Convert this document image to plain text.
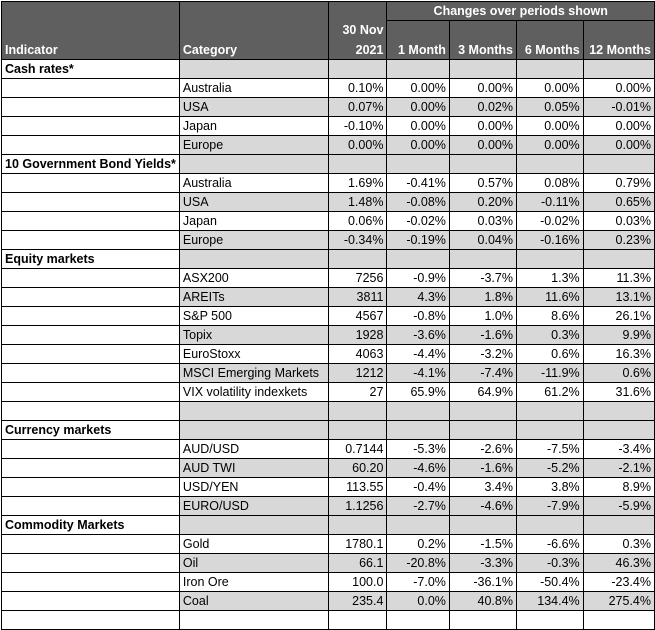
			Changes over periods shown			
		30 Nov				
Indicator	Category	2021	1 Month	3 Months	6 Months	12 Months
Cash rates*						
	Australia	0.10%	0.00%	0.00%	0.00%	0.00%
	USA	0.07%	0.00%	0.02%	0.05%	-0.01%
	Japan	-0.10%	0.00%	0.00%	0.00%	0.00%
	Europe	0.00%	0.00%	0.00%	0.00%	0.00%
10 Government Bond Yields*						
	Australia	1.69%	-0.41%	0.57%	0.08%	0.79%
	USA	1.48%	-0.08%	0.20%	-0.11%	0.65%
	Japan	0.06%	-0.02%	0.03%	-0.02%	0.03%
	Europe	-0.34%	-0.19%	0.04%	-0.16%	0.23%
Equity markets						
	ASX200	7256	-0.9%	-3.7%	1.3%	11.3%
	AREITs	3811	4.3%	1.8%	11.6%	13.1%
	S&P 500	4567	-0.8%	1.0%	8.6%	26.1%
	Topix	1928	-3.6%	-1.6%	0.3%	9.9%
	EuroStoxx	4063	-4.4%	-3.2%	0.6%	16.3%
	MSCI Emerging Markets	1212	-4.1%	-7.4%	-11.9%	0.6%
	VIX volatility indexkets	27	65.9%	64.9%	61.2%	31.6%

Currency markets						
	AUD/USD	0.7144	-5.3%	-2.6%	-7.5%	-3.4%
	AUD TWI	60.20	-4.6%	-1.6%	-5.2%	-2.1%
	USD/YEN	113.55	-0.4%	3.4%	3.8%	8.9%
	EURO/USD	1.1256	-2.7%	-4.6%	-7.9%	-5.9%
Commodity Markets						
	Gold	1780.1	0.2%	-1.5%	-6.6%	0.3%
	Oil	66.1	-20.8%	-3.3%	-0.3%	46.3%
	Iron Ore	100.0	-7.0%	-36.1%	-50.4%	-23.4%
	Coal	235.4	0.0%	40.8%	134.4%	275.4%
